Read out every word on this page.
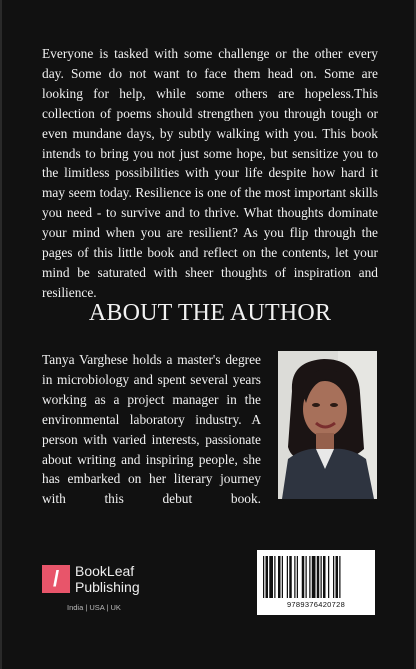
Everyone is tasked with some challenge or the other every day. Some do not want to face them head on. Some are looking for help, while some others are hopeless.This collection of poems should strengthen you through tough or even mundane days, by subtly walking with you. This book intends to bring you not just some hope, but sensitize you to the limitless possibilities with your life despite how hard it may seem today. Resilience is one of the most important skills you need - to survive and to thrive. What thoughts dominate your mind when you are resilient? As you flip through the pages of this little book and reflect on the contents, let your mind be saturated with sheer thoughts of inspiration and resilience.

ABOUT THE AUTHOR

Tanya Varghese holds a master's degree in microbiology and spent several years working as a project manager in the environmental laboratory industry. A person with varied interests, passionate about writing and inspiring people, she has embarked on her literary journey with this debut book.

/	BookLeaf
Publishing
India | USA | UK	9789376420728
